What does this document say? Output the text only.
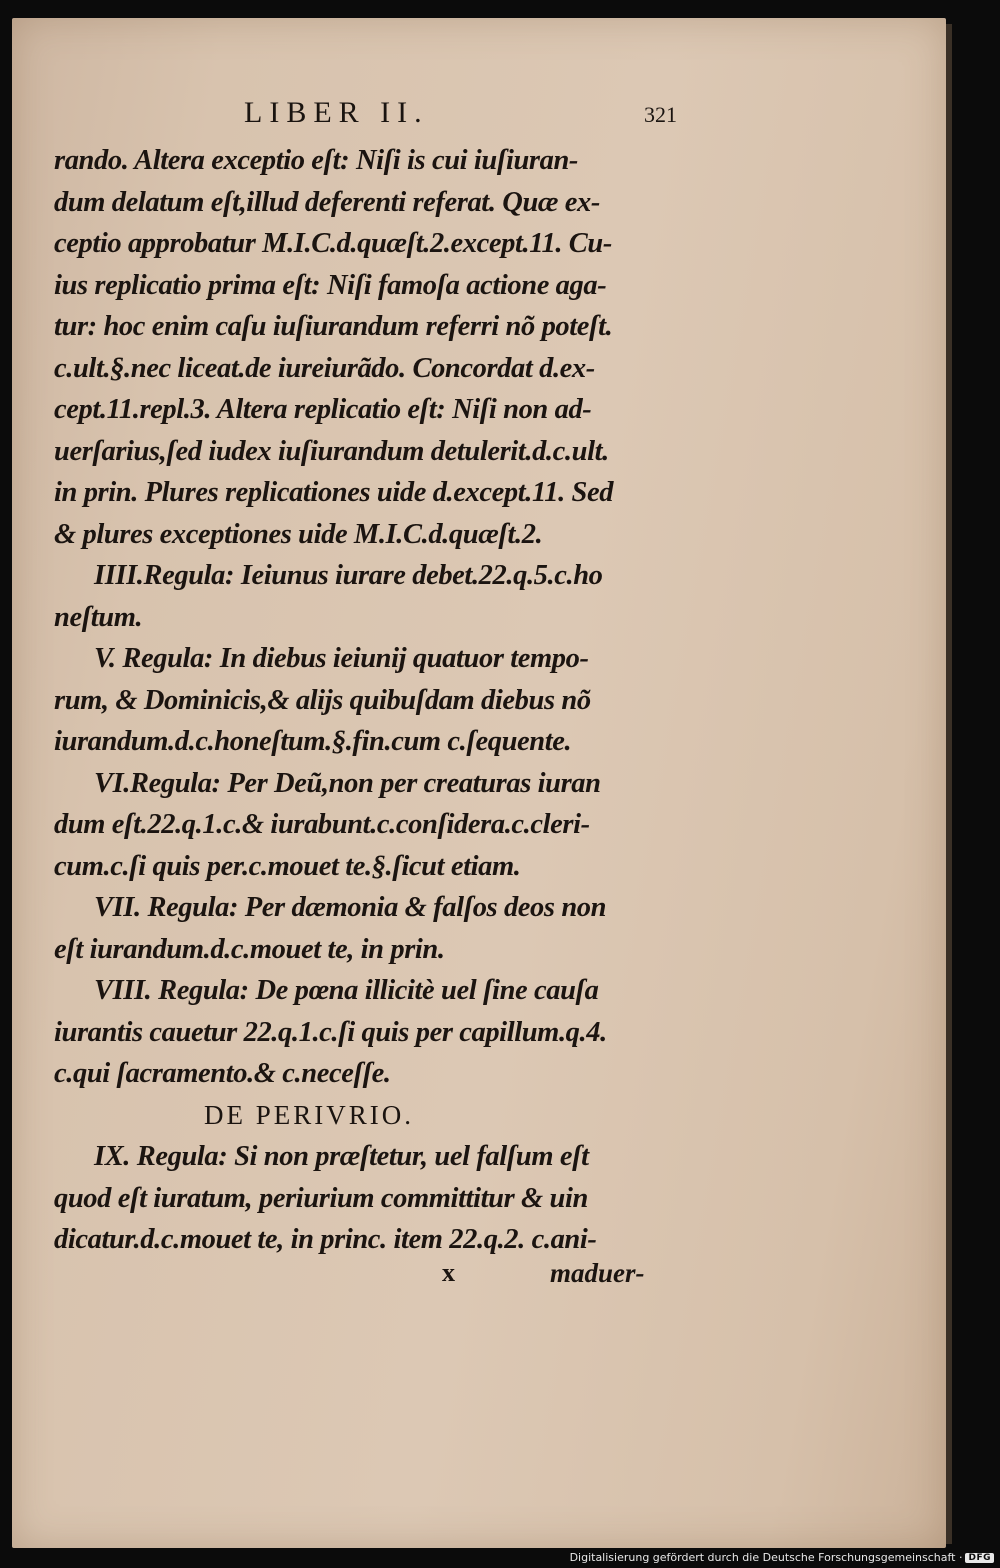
LIBER II.	321
rando. Altera exceptio eſt: Niſi is cui iuſiuran-
dum delatum eſt,illud deferenti referat. Quæ ex-
ceptio approbatur M.I.C.d.quæſt.2.except.11. Cu-
ius replicatio prima eſt: Niſi famoſa actione aga-
tur: hoc enim caſu iuſiurandum referri nõ poteſt.
c.ult.§.nec liceat.de iureiurãdo. Concordat d.ex-
cept.11.repl.3. Altera replicatio eſt: Niſi non ad-
uerſarius,ſed iudex iuſiurandum detulerit.d.c.ult.
in prin. Plures replicationes uide d.except.11. Sed
& plures exceptiones uide M.I.C.d.quæſt.2.
IIII.Regula: Ieiunus iurare debet.22.q.5.c.ho
neſtum.
V. Regula: In diebus ieiunij quatuor tempo-
rum, & Dominicis,& alijs quibuſdam diebus nõ
iurandum.d.c.honeſtum.§.fin.cum c.ſequente.
VI.Regula: Per Deũ,non per creaturas iuran
dum eſt.22.q.1.c.& iurabunt.c.conſidera.c.cleri-
cum.c.ſi quis per.c.mouet te.§.ſicut etiam.
VII. Regula: Per dæmonia & falſos deos non
eſt iurandum.d.c.mouet te, in prin.
VIII. Regula: De pœna illicitè uel ſine cauſa
iurantis cauetur 22.q.1.c.ſi quis per capillum.q.4.
c.qui ſacramento.& c.neceſſe.
DE PERIVRIO.
IX. Regula: Si non præſtetur, uel falſum eſt
quod eſt iuratum, periurium committitur & uin
dicatur.d.c.mouet te, in princ. item 22.q.2. c.ani-
x	maduer-
Digitalisierung gefördert durch die Deutsche Forschungsgemeinschaft · DFG
